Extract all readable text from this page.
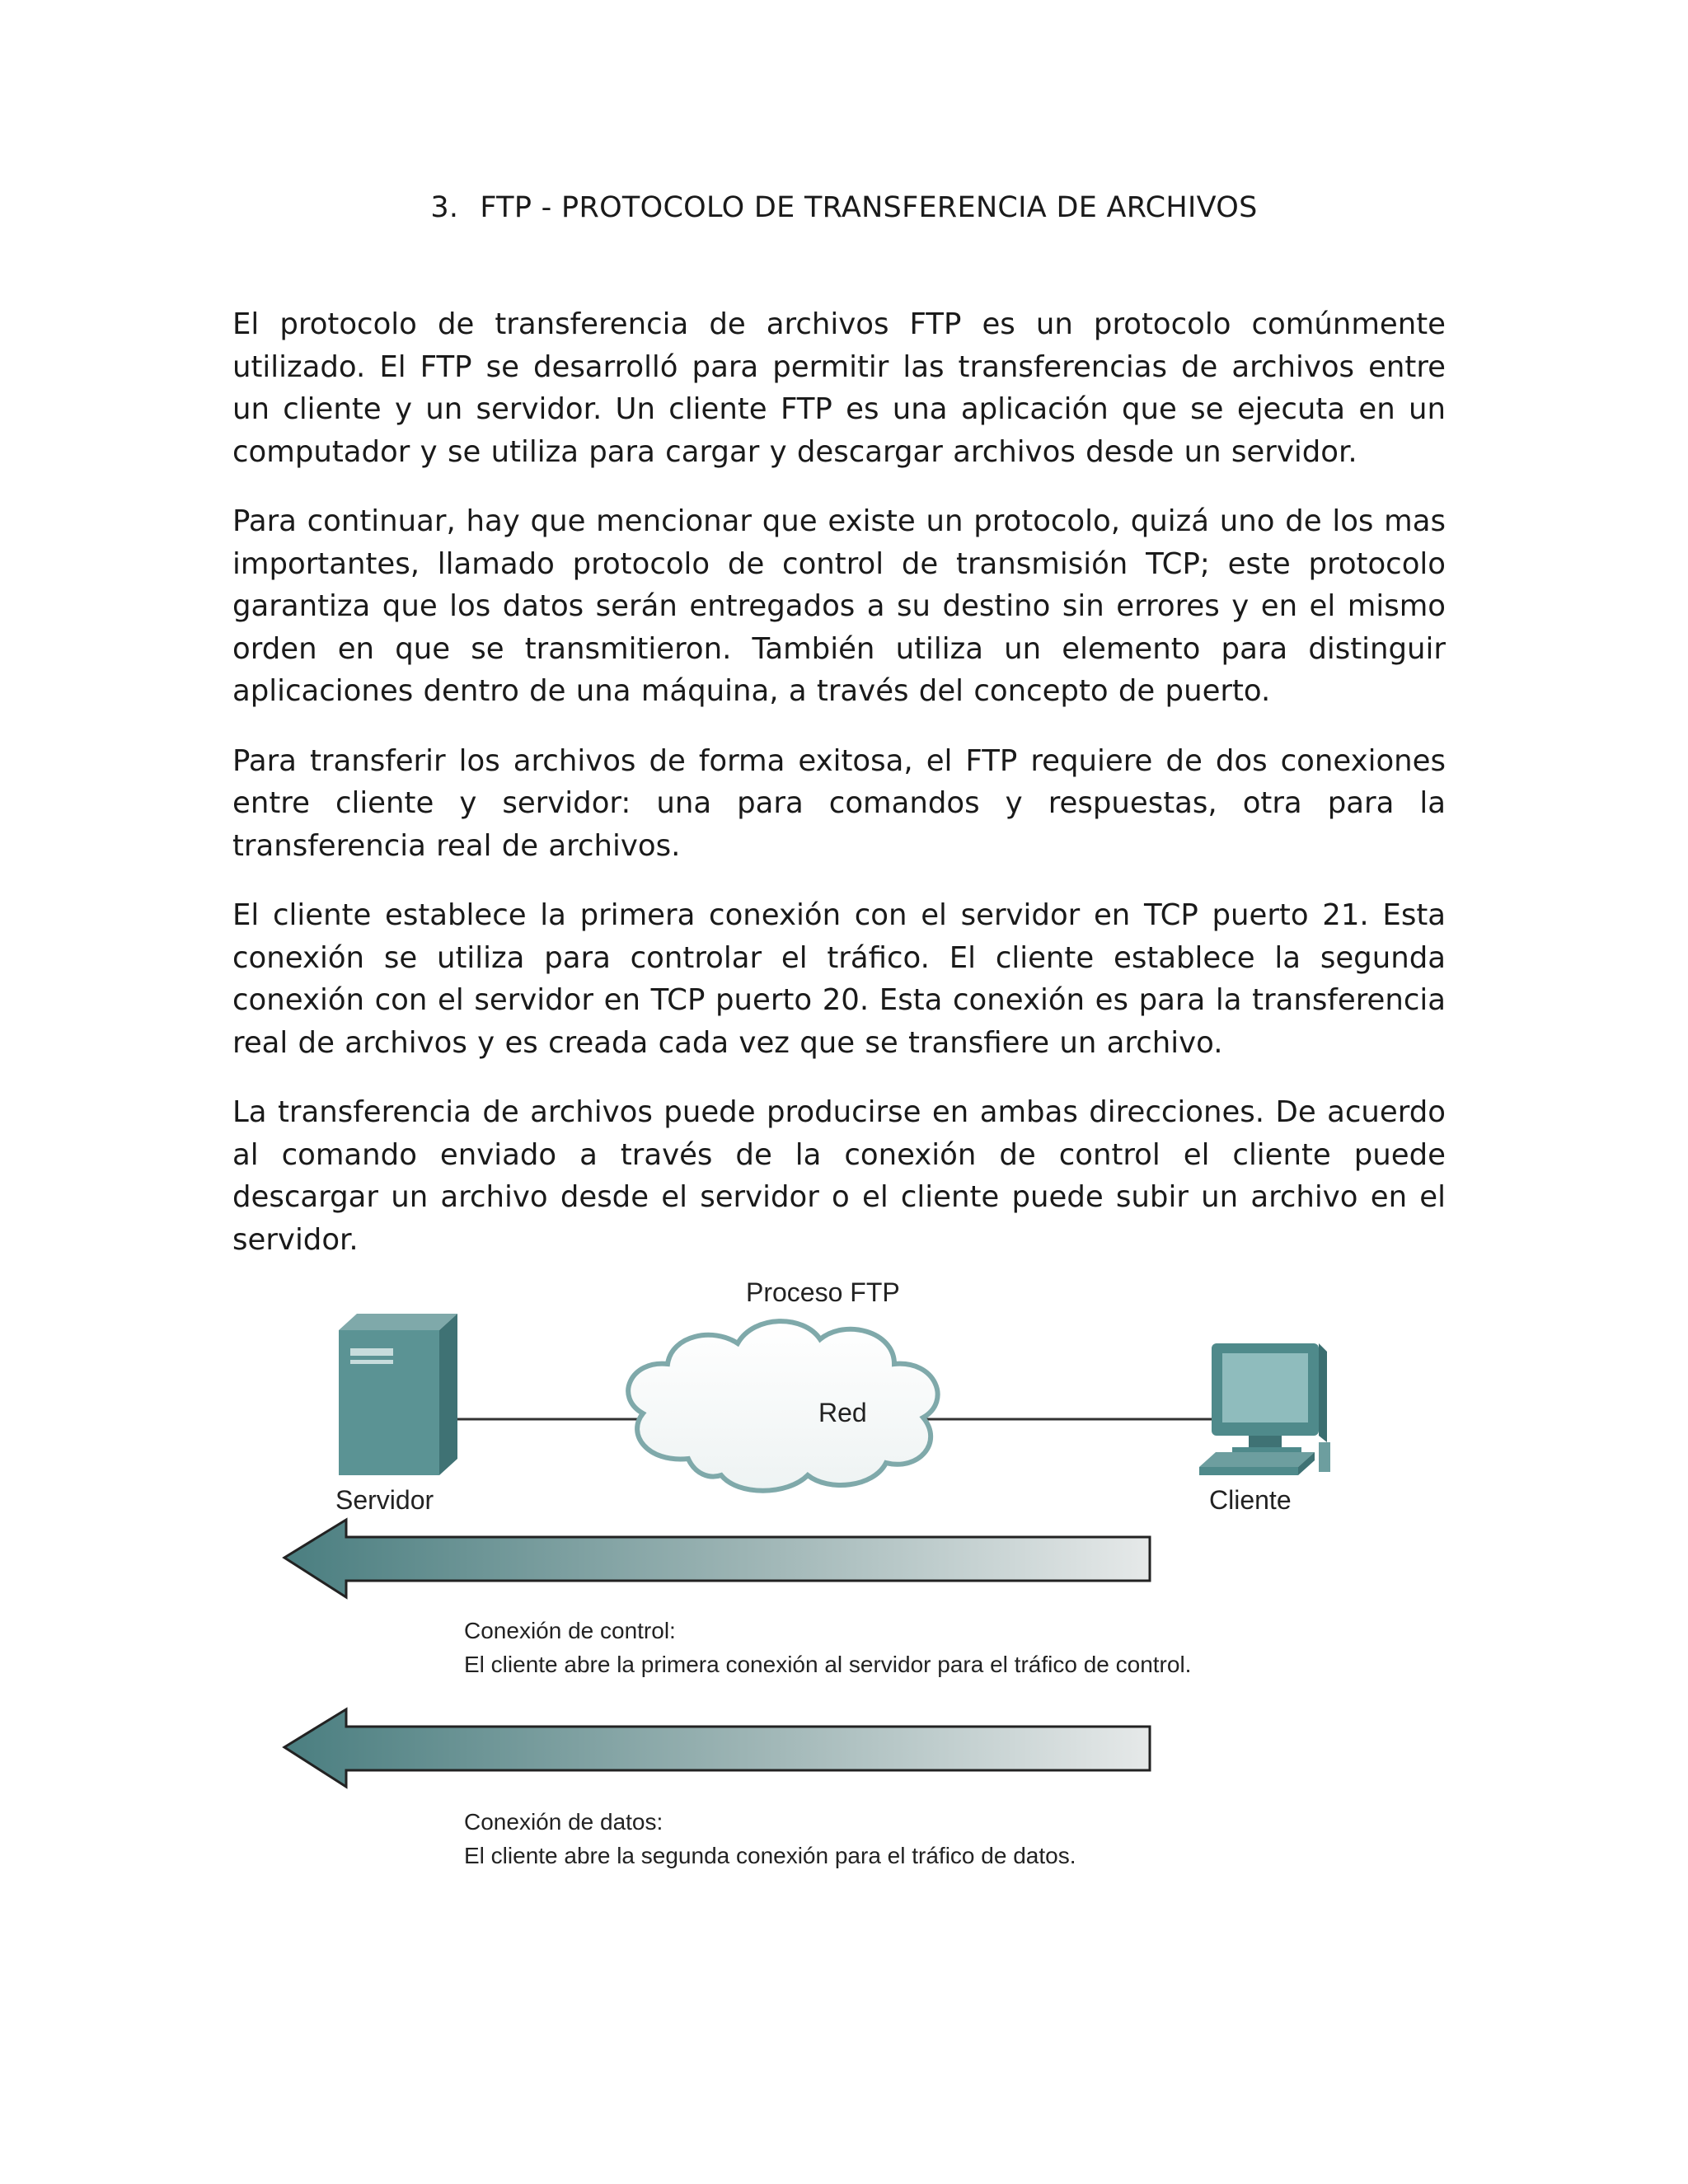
3. FTP - PROTOCOLO DE TRANSFERENCIA DE ARCHIVOS

El protocolo de transferencia de archivos FTP es un protocolo comúnmente utilizado. El FTP se desarrolló para permitir las transferencias de archivos entre un cliente y un servidor. Un cliente FTP es una aplicación que se ejecuta en un computador y se utiliza para cargar y descargar archivos desde un servidor.

Para continuar, hay que mencionar que existe un protocolo, quizá uno de los mas importantes, llamado protocolo de control de transmisión TCP; este protocolo garantiza que los datos serán entregados a su destino sin errores y en el mismo orden en que se transmitieron. También utiliza un elemento para distinguir aplicaciones dentro de una máquina, a través del concepto de puerto.

Para transferir los archivos de forma exitosa, el FTP requiere de dos conexiones entre cliente y servidor: una para comandos y respuestas, otra para la transferencia real de archivos.

El cliente establece la primera conexión con el servidor en TCP puerto 21. Esta conexión se utiliza para controlar el tráfico. El cliente establece la segunda conexión con el servidor en TCP puerto 20. Esta conexión es para la transferencia real de archivos y es creada cada vez que se transfiere un archivo.

La transferencia de archivos puede producirse en ambas direcciones. De acuerdo al comando enviado a través de la conexión de control el cliente puede descargar un archivo desde el servidor o el cliente puede subir un archivo en el servidor.

Proceso FTP
Red
Servidor	Cliente
Conexión de control:
El cliente abre la primera conexión al servidor para el tráfico de control.
Conexión de datos:
El cliente abre la segunda conexión para el tráfico de datos.
